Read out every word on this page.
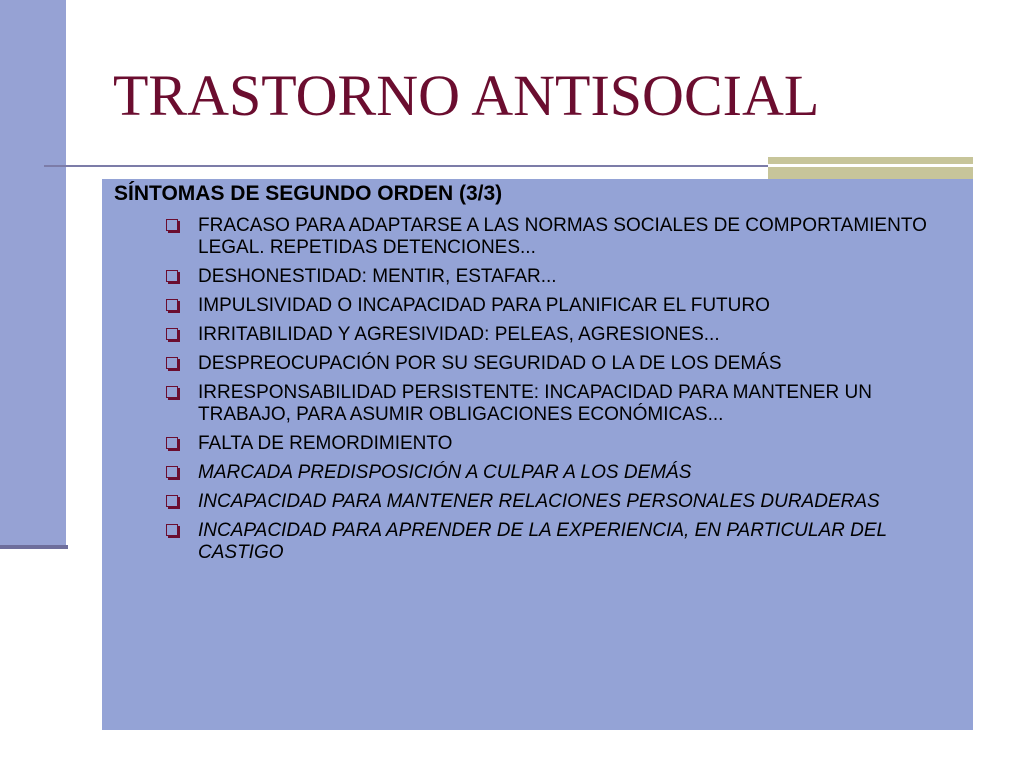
TRASTORNO ANTISOCIAL
SÍNTOMAS DE SEGUNDO ORDEN (3/3)
FRACASO PARA ADAPTARSE A LAS NORMAS SOCIALES DE COMPORTAMIENTO LEGAL. REPETIDAS DETENCIONES...
DESHONESTIDAD: MENTIR, ESTAFAR...
IMPULSIVIDAD O INCAPACIDAD PARA PLANIFICAR EL FUTURO
IRRITABILIDAD Y AGRESIVIDAD: PELEAS, AGRESIONES...
DESPREOCUPACIÓN POR SU SEGURIDAD O LA DE LOS DEMÁS
IRRESPONSABILIDAD PERSISTENTE: INCAPACIDAD PARA MANTENER UN TRABAJO, PARA ASUMIR OBLIGACIONES ECONÓMICAS...
FALTA DE REMORDIMIENTO
MARCADA PREDISPOSICIÓN A CULPAR A LOS DEMÁS
INCAPACIDAD PARA MANTENER RELACIONES PERSONALES DURADERAS
INCAPACIDAD PARA APRENDER DE LA EXPERIENCIA, EN PARTICULAR DEL CASTIGO
